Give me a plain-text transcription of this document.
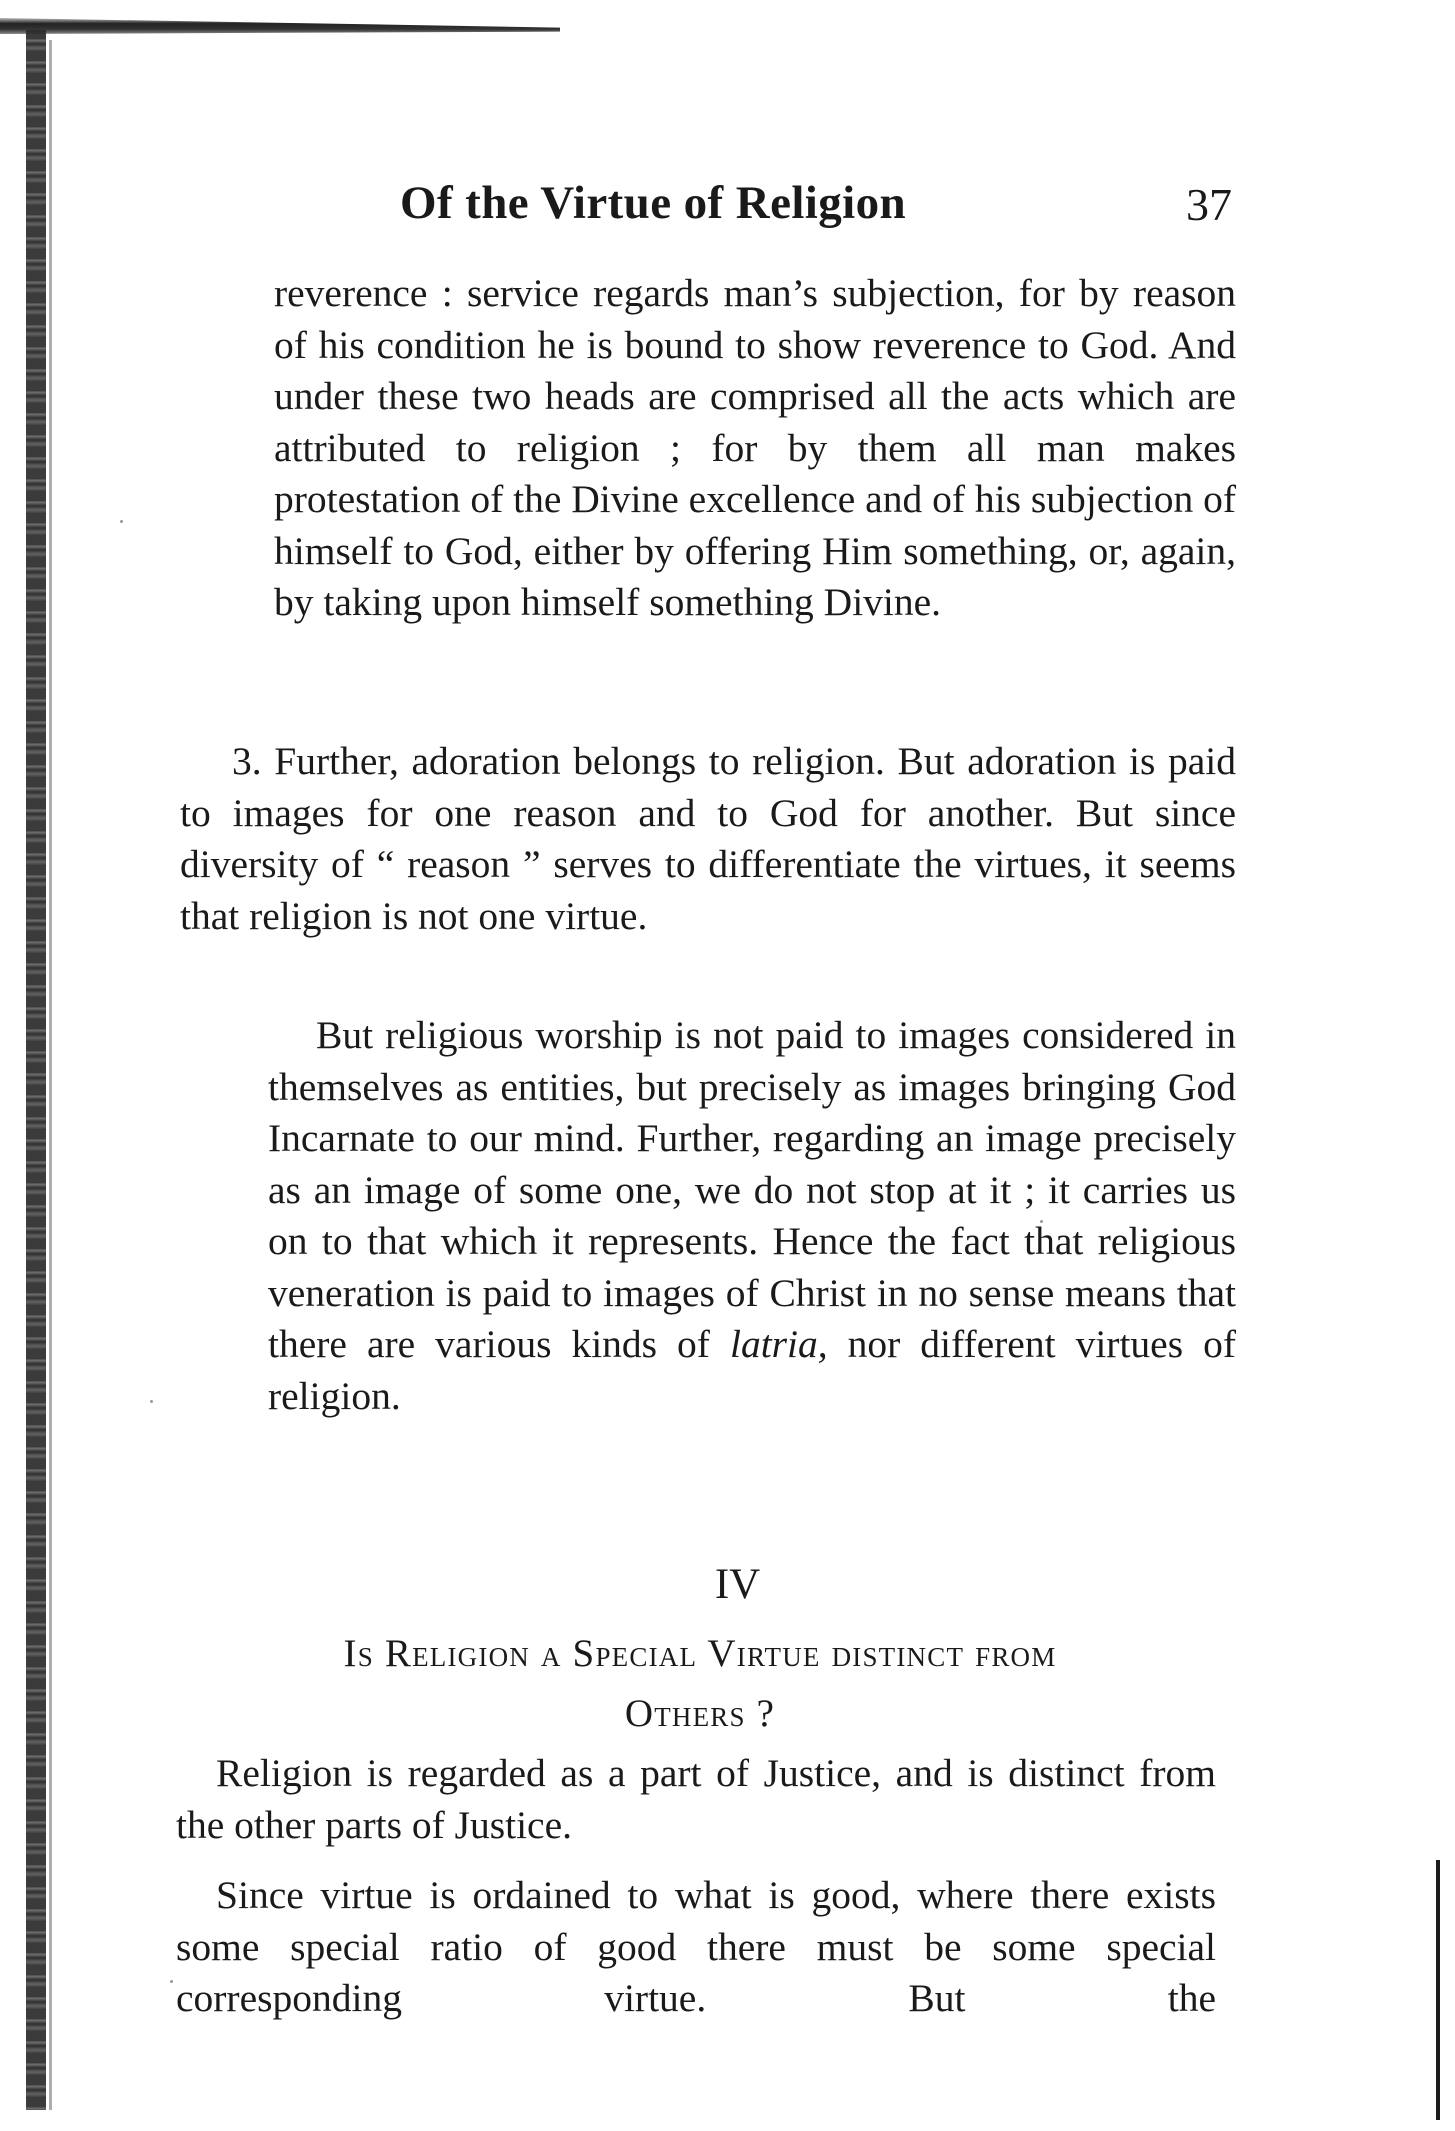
Of the Virtue of Religion	37

reverence : service regards man’s subjection, for by reason of his condition he is bound to show reverence to God. And under these two heads are comprised all the acts which are attributed to religion ; for by them all man makes protestation of the Divine excellence and of his subjection of himself to God, either by offering Him something, or, again, by taking upon himself something Divine.

3. Further, adoration belongs to religion. But adoration is paid to images for one reason and to God for another. But since diversity of “ reason ” serves to differentiate the virtues, it seems that religion is not one virtue.

But religious worship is not paid to images considered in themselves as entities, but precisely as images bringing God Incarnate to our mind. Further, regarding an image precisely as an image of some one, we do not stop at it ; it carries us on to that which it represents. Hence the fact that religious veneration is paid to images of Christ in no sense means that there are various kinds of latria, nor different virtues of religion.

IV
Is Religion a Special Virtue distinct from
Others ?

Religion is regarded as a part of Justice, and is distinct from the other parts of Justice.

Since virtue is ordained to what is good, where there exists some special ratio of good there must be some special corresponding virtue. But the
